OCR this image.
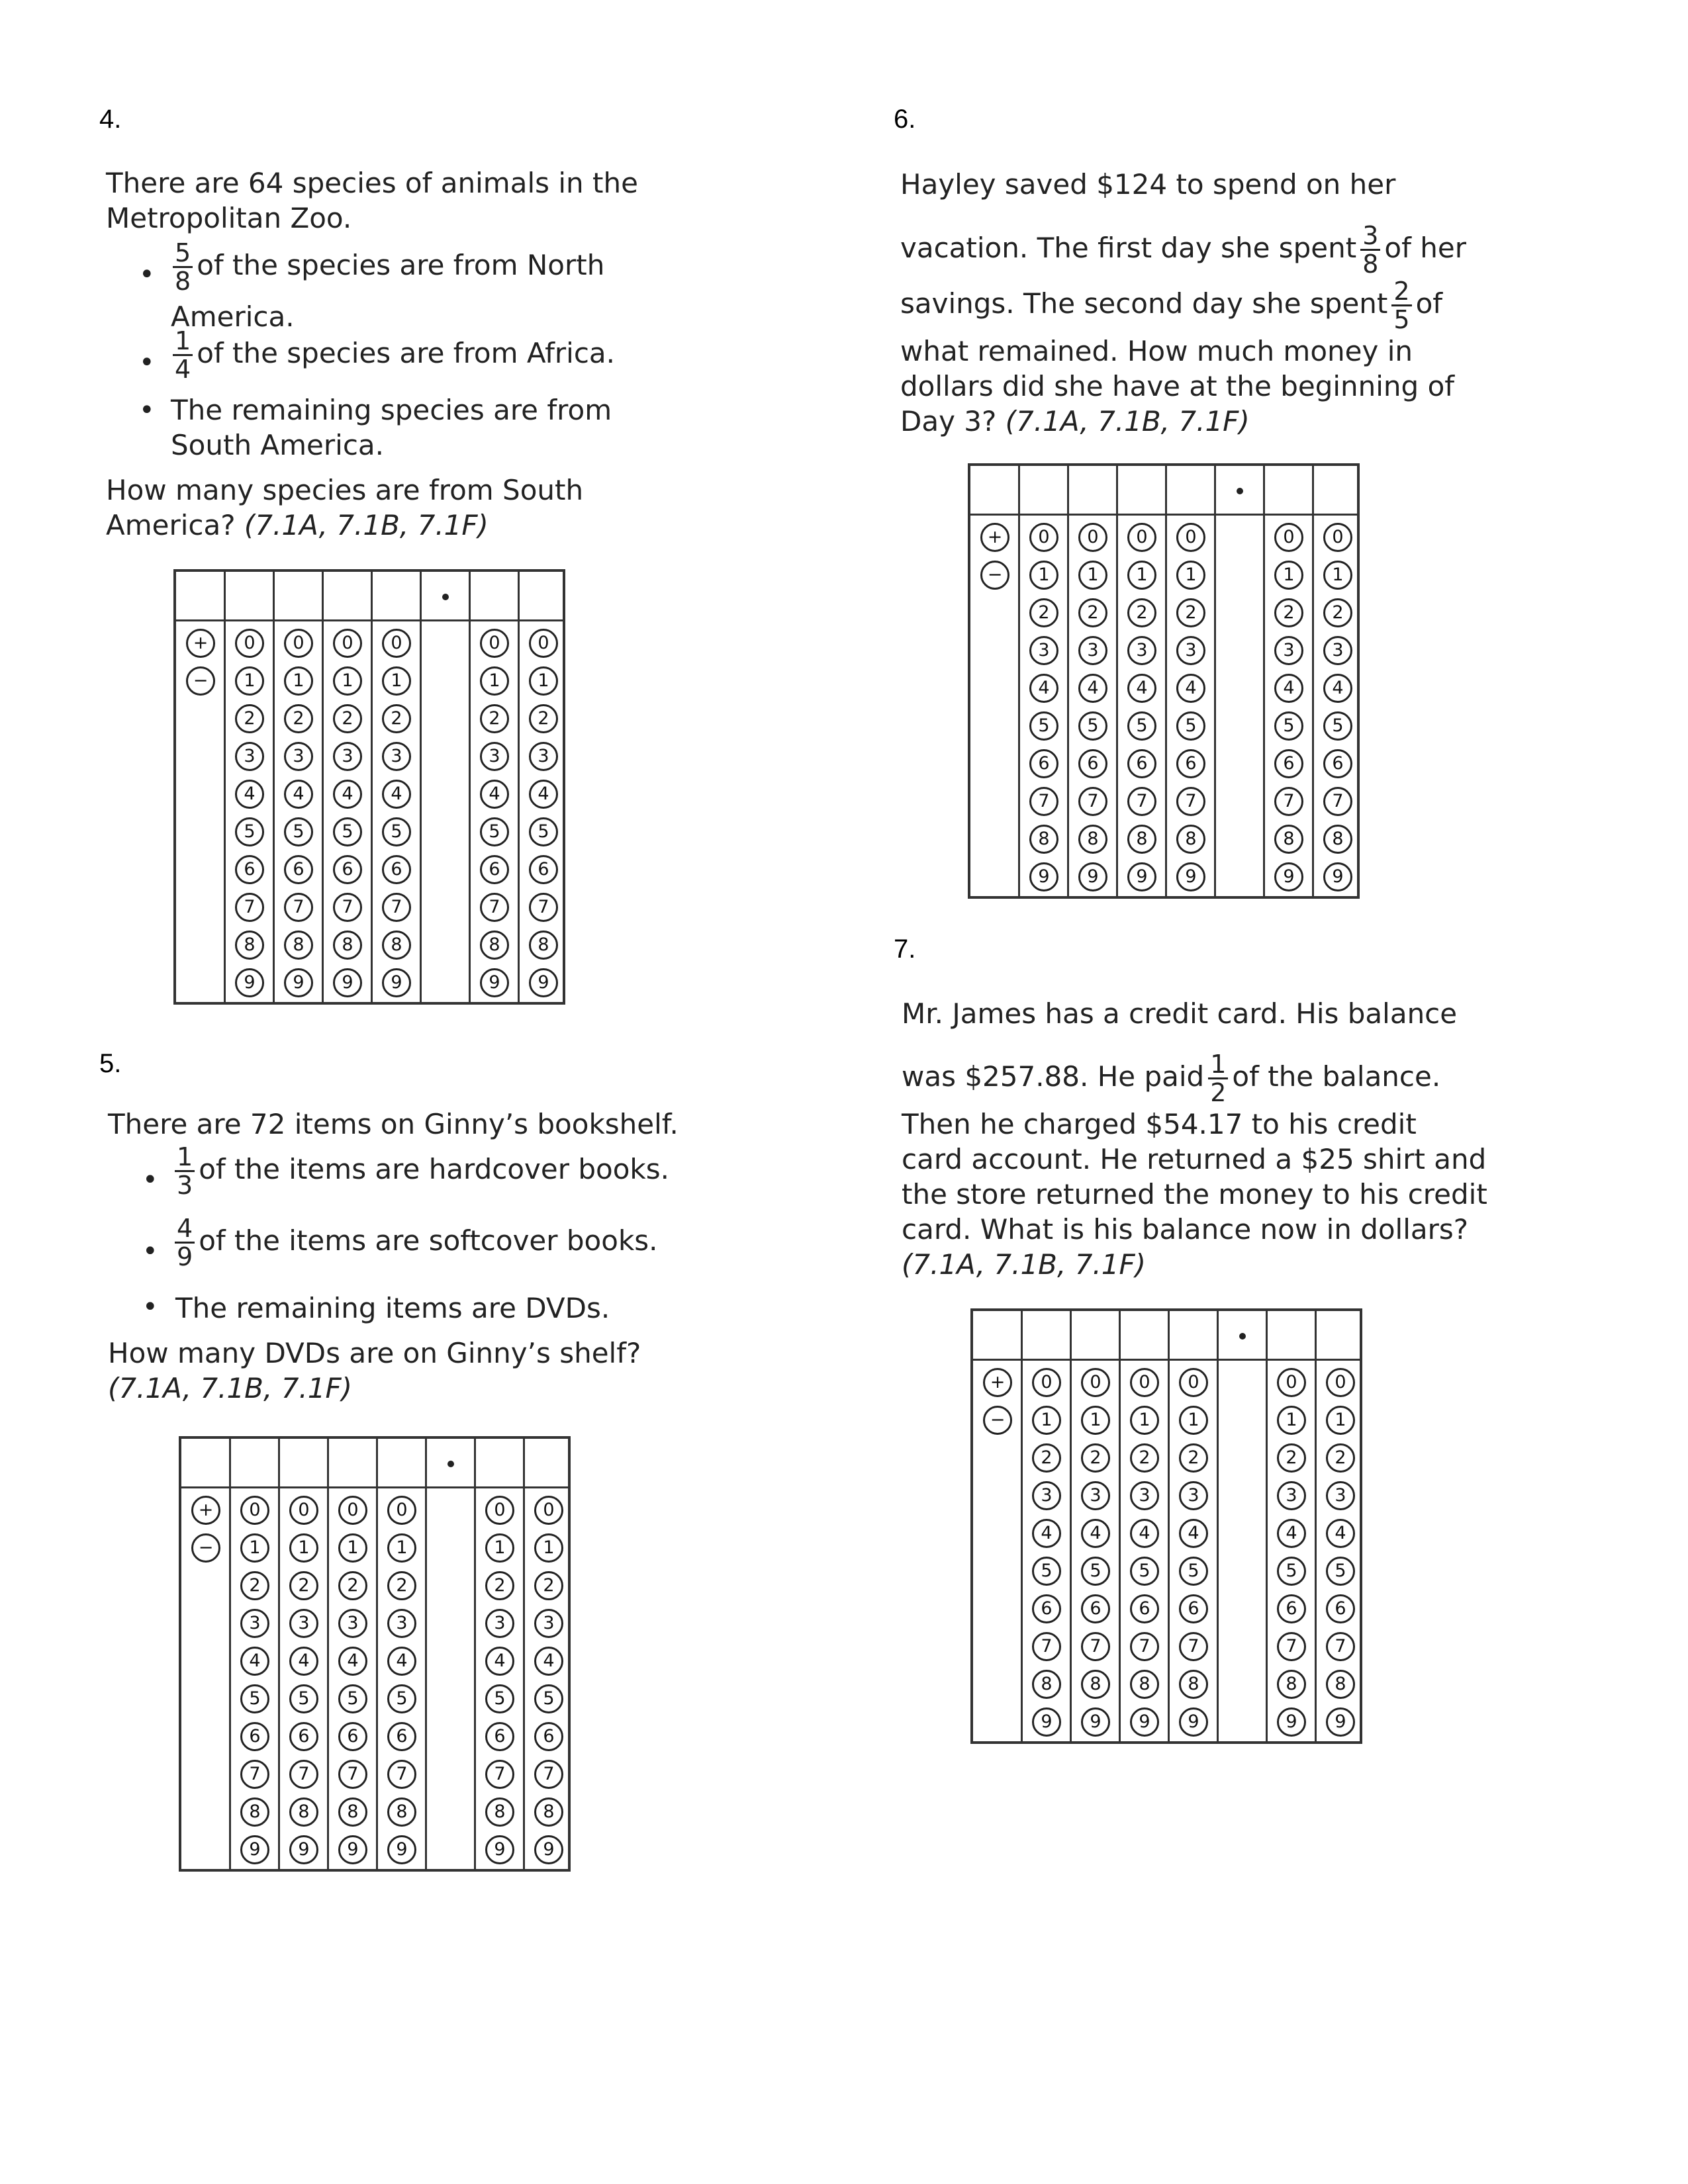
4.
There are 64 species of animals in the
Metropolitan Zoo.
• $\frac{5}{8}$ of the species are from North
America.
• $\frac{1}{4}$ of the species are from Africa.
• The remaining species are from
South America.
How many species are from South
America? (7.1A, 7.1B, 7.1F)
+
−
0
1
2
3
4
5
6
7
8
9
0
1
2
3
4
5
6
7
8
9
0
1
2
3
4
5
6
7
8
9
0
1
2
3
4
5
6
7
8
9
0
1
2
3
4
5
6
7
8
9
0
1
2
3
4
5
6
7
8
9
5.
There are 72 items on Ginny’s bookshelf.
• $\frac{1}{3}$ of the items are hardcover books.
• $\frac{4}{9}$ of the items are softcover books.
• The remaining items are DVDs.
How many DVDs are on Ginny’s shelf?
(7.1A, 7.1B, 7.1F)
+
−
0
1
2
3
4
5
6
7
8
9
0
1
2
3
4
5
6
7
8
9
0
1
2
3
4
5
6
7
8
9
0
1
2
3
4
5
6
7
8
9
0
1
2
3
4
5
6
7
8
9
0
1
2
3
4
5
6
7
8
9
6.
Hayley saved $124 to spend on her
vacation. The first day she spent $\frac{3}{8}$ of her
savings. The second day she spent $\frac{2}{5}$ of
what remained. How much money in
dollars did she have at the beginning of
Day 3? (7.1A, 7.1B, 7.1F)
+
−
0
1
2
3
4
5
6
7
8
9
0
1
2
3
4
5
6
7
8
9
0
1
2
3
4
5
6
7
8
9
0
1
2
3
4
5
6
7
8
9
0
1
2
3
4
5
6
7
8
9
0
1
2
3
4
5
6
7
8
9
7.
Mr. James has a credit card. His balance
was $257.88. He paid $\frac{1}{2}$ of the balance.
Then he charged $54.17 to his credit
card account. He returned a $25 shirt and
the store returned the money to his credit
card. What is his balance now in dollars?
(7.1A, 7.1B, 7.1F)
+
−
0
1
2
3
4
5
6
7
8
9
0
1
2
3
4
5
6
7
8
9
0
1
2
3
4
5
6
7
8
9
0
1
2
3
4
5
6
7
8
9
0
1
2
3
4
5
6
7
8
9
0
1
2
3
4
5
6
7
8
9
